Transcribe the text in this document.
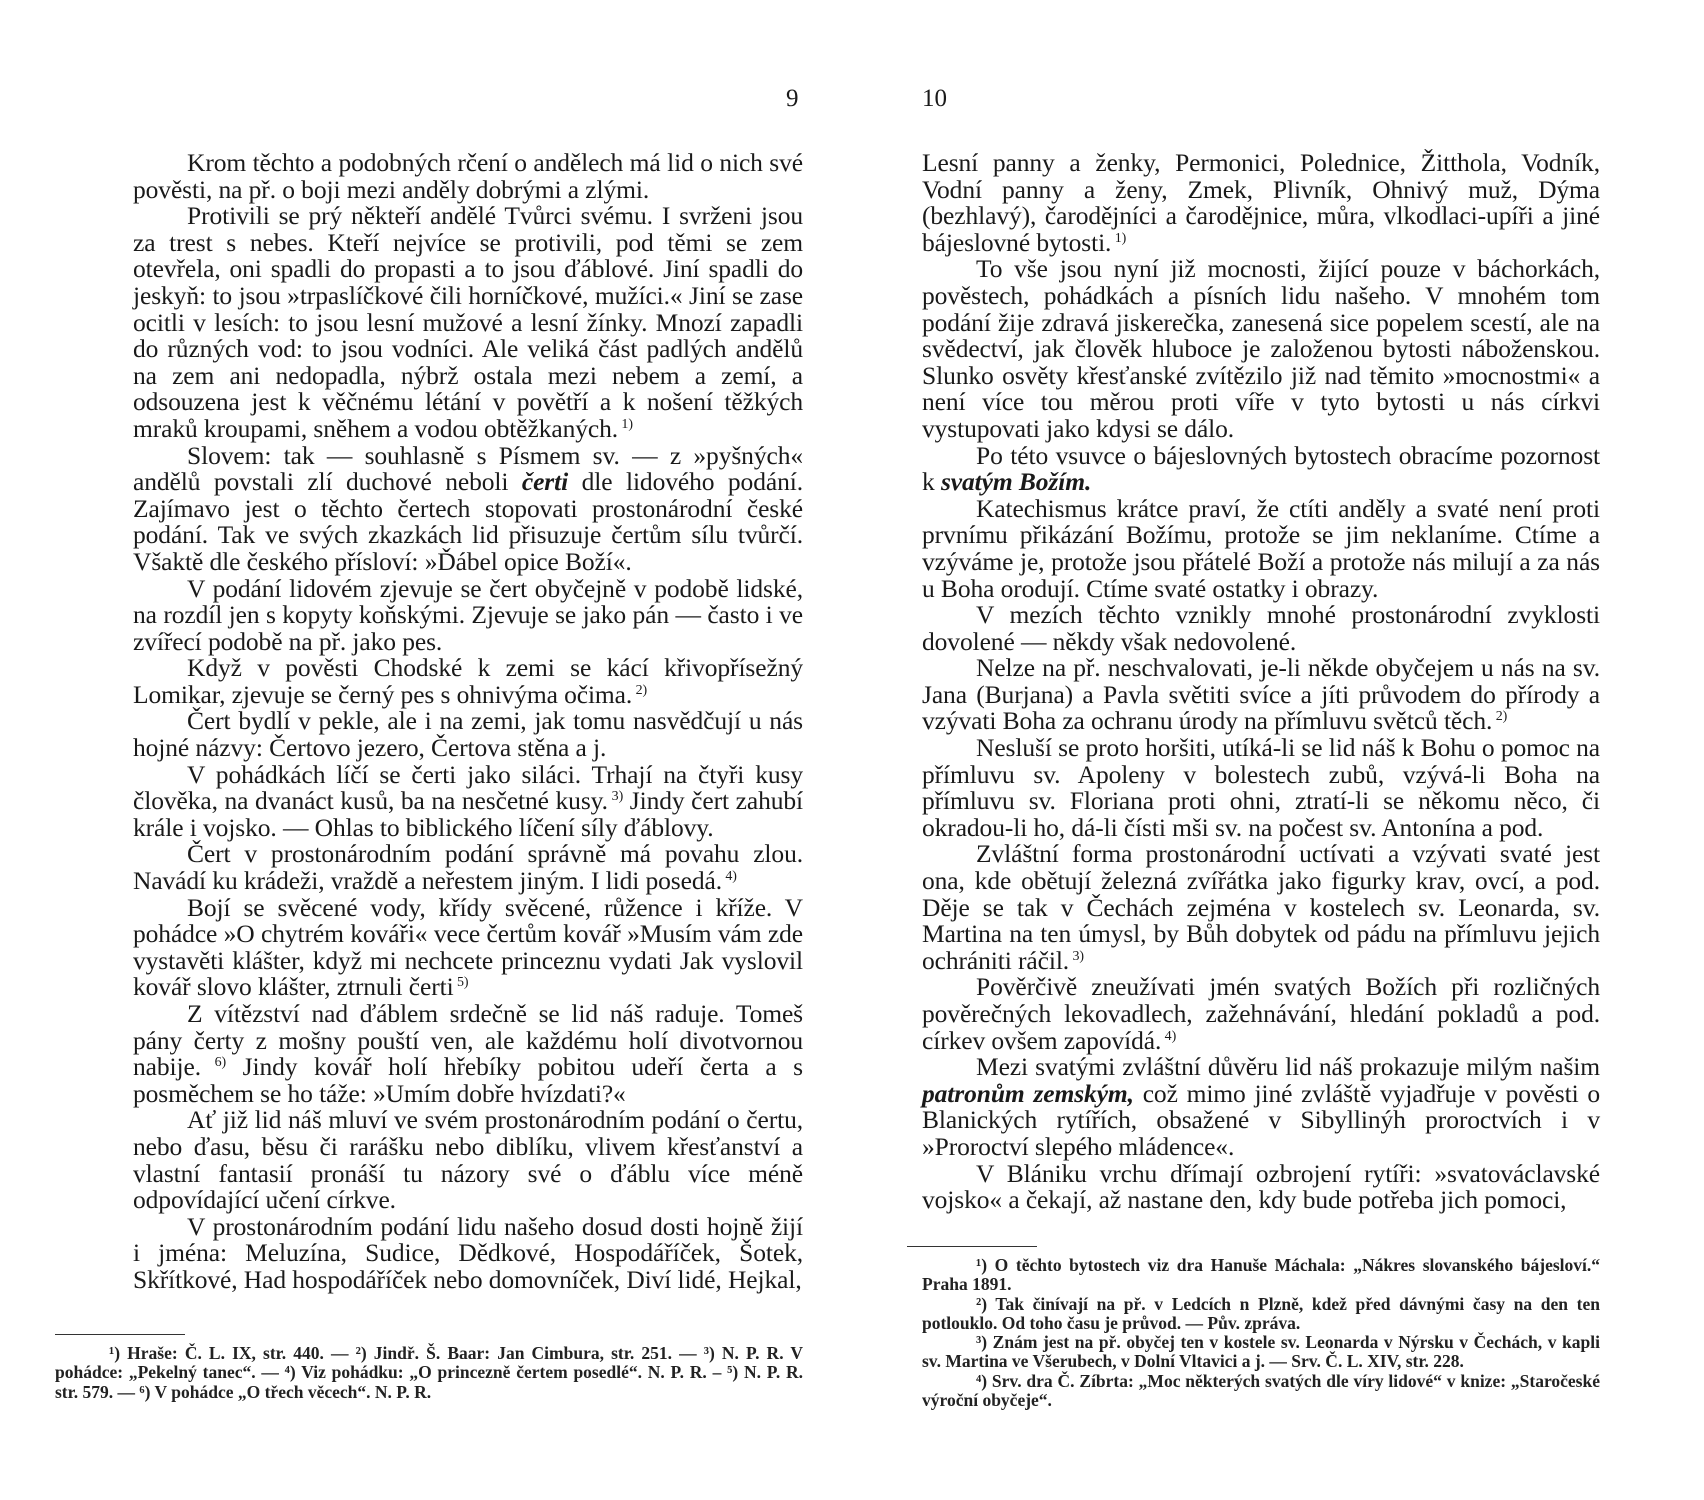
9

Krom těchto a podobných rčení o andělech má lid o nich své pověsti, na př. o boji mezi anděly dobrými a zlými.

Protivili se prý někteří andělé Tvůrci svému. I svrženi jsou za trest s nebes. Kteří nejvíce se protivili, pod těmi se zem otevřela, oni spadli do propasti a to jsou ďáblové. Jiní spadli do jeskyň: to jsou »trpaslíčkové čili horníčkové, mužíci.« Jiní se zase ocitli v lesích: to jsou lesní mužové a lesní žínky. Mnozí zapadli do různých vod: to jsou vodníci. Ale veliká část padlých andělů na zem ani nedopadla, nýbrž ostala mezi nebem a zemí, a odsouzena jest k věčnému létání v povětří a k nošení těžkých mraků kroupami, sněhem a vodou obtěžkaných. $^{1)}$

Slovem: tak — souhlasně s Písmem sv. — z »pyšných« andělů povstali zlí duchové neboli čerti dle lidového podání. Zajímavo jest o těchto čertech stopovati prostonárodní české podání. Tak ve svých zkazkách lid přisuzuje čertům sílu tvůrčí. Všaktě dle českého přísloví: »Ďábel opice Boží«.

V podání lidovém zjevuje se čert obyčejně v podobě lidské, na rozdíl jen s kopyty koňskými. Zjevuje se jako pán — často i ve zvířecí podobě na př. jako pes.

Když v pověsti Chodské k zemi se kácí křivopřísežný Lomikar, zjevuje se černý pes s ohnivýma očima. $^{2)}$

Čert bydlí v pekle, ale i na zemi, jak tomu nasvědčují u nás hojné názvy: Čertovo jezero, Čertova stěna a j.

V pohádkách líčí se čerti jako siláci. Trhají na čtyři kusy člověka, na dvanáct kusů, ba na nesčetné kusy. $^{3)}$ Jindy čert zahubí krále i vojsko. — Ohlas to biblického líčení síly ďáblovy.

Čert v prostonárodním podání správně má povahu zlou. Navádí ku krádeži, vraždě a neřestem jiným. I lidi posedá. $^{4)}$

Bojí se svěcené vody, křídy svěcené, růžence i kříže. V pohádce »O chytrém kováři« vece čertům kovář »Musím vám zde vystavěti klášter, když mi nechcete princeznu vydati Jak vyslovil kovář slovo klášter, ztrnuli čerti $^{5)}$

Z vítězství nad ďáblem srdečně se lid náš raduje. Tomeš pány čerty z mošny pouští ven, ale každému holí divotvornou nabije. $^{6)}$ Jindy kovář holí hřebíky pobitou udeří čerta a s posměchem se ho táže: »Umím dobře hvízdati?«

Ať již lid náš mluví ve svém prostonárodním podání o čertu, nebo ďasu, běsu či rarášku nebo diblíku, vlivem křesťanství a vlastní fantasií pronáší tu názory své o ďáblu více méně odpovídající učení církve.

V prostonárodním podání lidu našeho dosud dosti hojně žijí i jména: Meluzína, Sudice, Dědkové, Hospodáříček, Šotek, Skřítkové, Had hospodáříček nebo domovníček, Diví lidé, Hejkal,

¹) Hraše: Č. L. IX, str. 440. — ²) Jindř. Š. Baar: Jan Cimbura, str. 251. — ³) N. P. R. V pohádce: „Pekelný tanec“. — ⁴) Viz pohádku: „O princezně čertem posedlé“. N. P. R. – ⁵) N. P. R. str. 579. — ⁶) V pohádce „O třech věcech“. N. P. R.

10

Lesní panny a ženky, Permonici, Polednice, Žitthola, Vodník, Vodní panny a ženy, Zmek, Plivník, Ohnivý muž, Dýma (bezhlavý), čarodějníci a čarodějnice, můra, vlkodlaci-upíři a jiné bájeslovné bytosti. $^{1)}$

To vše jsou nyní již mocnosti, žijící pouze v báchorkách, pověstech, pohádkách a písních lidu našeho. V mnohém tom podání žije zdravá jiskerečka, zanesená sice popelem scestí, ale na svědectví, jak člověk hluboce je založenou bytosti náboženskou. Slunko osvěty křesťanské zvítězilo již nad těmito »mocnostmi« a není více tou měrou proti víře v tyto bytosti u nás církvi vystupovati jako kdysi se dálo.

Po této vsuvce o bájeslovných bytostech obracíme pozornost k svatým Božím.

Katechismus krátce praví, že ctíti anděly a svaté není proti prvnímu přikázání Božímu, protože se jim neklaníme. Ctíme a vzýváme je, protože jsou přátelé Boží a protože nás milují a za nás u Boha orodují. Ctíme svaté ostatky i obrazy.

V mezích těchto vznikly mnohé prostonárodní zvyklosti dovolené — někdy však nedovolené.

Nelze na př. neschvalovati, je-li někde obyčejem u nás na sv. Jana (Burjana) a Pavla světiti svíce a jíti průvodem do přírody a vzývati Boha za ochranu úrody na přímluvu světců těch. $^{2)}$

Nesluší se proto horšiti, utíká-li se lid náš k Bohu o pomoc na přímluvu sv. Apoleny v bolestech zubů, vzývá-li Boha na přímluvu sv. Floriana proti ohni, ztratí-li se někomu něco, či okradou-li ho, dá-li čísti mši sv. na počest sv. Antonína a pod.

Zvláštní forma prostonárodní uctívati a vzývati svaté jest ona, kde obětují železná zvířátka jako figurky krav, ovcí, a pod. Děje se tak v Čechách zejména v kostelech sv. Leonarda, sv. Martina na ten úmysl, by Bůh dobytek od pádu na přímluvu jejich ochrániti ráčil. $^{3)}$

Pověrčivě zneužívati jmén svatých Božích při rozličných pověrečných lekovadlech, zažehnávání, hledání pokladů a pod. církev ovšem zapovídá. $^{4)}$

Mezi svatými zvláštní důvěru lid náš prokazuje milým našim patronům zemským, což mimo jiné zvláště vyjadřuje v pověsti o Blanických rytířích, obsažené v Sibyllinýh proroctvích i v »Proroctví slepého mládence«.

V Blániku vrchu dřímají ozbrojení rytíři: »svatováclavské vojsko« a čekají, až nastane den, kdy bude potřeba jich pomoci,

¹) O těchto bytostech viz dra Hanuše Máchala: „Nákres slovanského bájesloví.“ Praha 1891.

²) Tak činívají na př. v Ledcích n Plzně, kdež před dávnými časy na den ten potlouklo. Od toho času je průvod. — Pův. zpráva.

³) Znám jest na př. obyčej ten v kostele sv. Leonarda v Nýrsku v Čechách, v kapli sv. Martina ve Všerubech, v Dolní Vltavici a j. — Srv. Č. L. XIV, str. 228.

⁴) Srv. dra Č. Zíbrta: „Moc některých svatých dle víry lidové“ v knize: „Staročeské výroční obyčeje“.
